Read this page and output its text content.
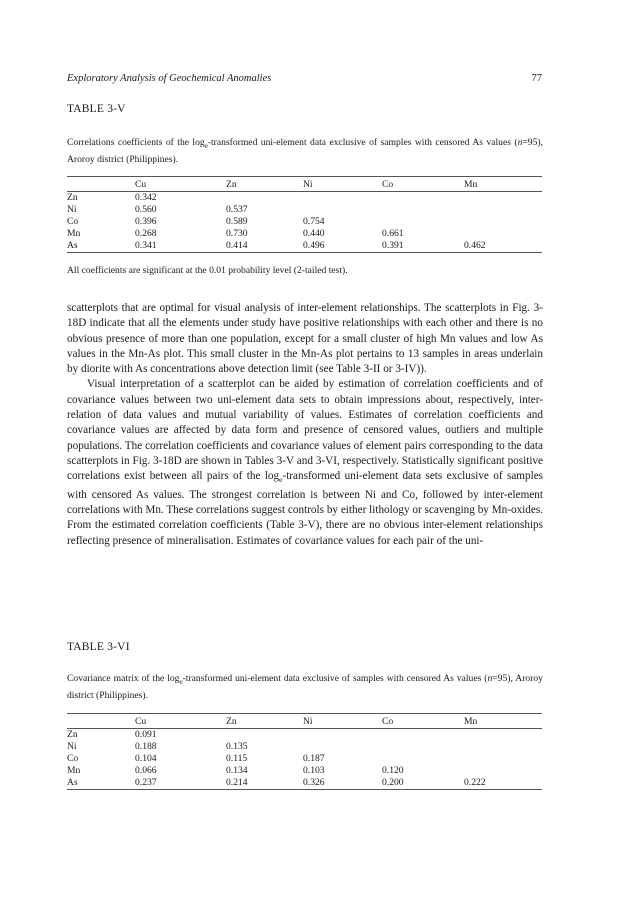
Exploratory Analysis of Geochemical Anomalies	77
TABLE 3-V
Correlations coefficients of the $\log_e$-transformed uni-element data exclusive of samples with censored As values (n=95), Aroroy district (Philippines).
	Cu	Zn	Ni	Co	Mn
Zn	0.342				
Ni	0.560	0.537			
Co	0.396	0.589	0.754		
Mn	0.268	0.730	0.440	0.661	
As	0.341	0.414	0.496	0.391	0.462
All coefficients are significant at the 0.01 probability level (2-tailed test).

scatterplots that are optimal for visual analysis of inter-element relationships. The scatterplots in Fig. 3-18D indicate that all the elements under study have positive relationships with each other and there is no obvious presence of more than one population, except for a small cluster of high Mn values and low As values in the Mn-As plot. This small cluster in the Mn-As plot pertains to 13 samples in areas underlain by diorite with As concentrations above detection limit (see Table 3-II or 3-IV)).

Visual interpretation of a scatterplot can be aided by estimation of correlation coefficients and of covariance values between two uni-element data sets to obtain impressions about, respectively, inter-relation of data values and mutual variability of values. Estimates of correlation coefficients and covariance values are affected by data form and presence of censored values, outliers and multiple populations. The correlation coefficients and covariance values of element pairs corresponding to the data scatterplots in Fig. 3-18D are shown in Tables 3-V and 3-VI, respectively. Statistically significant positive correlations exist between all pairs of the $\log_e$-transformed uni-element data sets exclusive of samples with censored As values. The strongest correlation is between Ni and Co, followed by inter-element correlations with Mn. These correlations suggest controls by either lithology or scavenging by Mn-oxides. From the estimated correlation coefficients (Table 3-V), there are no obvious inter-element relationships reflecting presence of mineralisation. Estimates of covariance values for each pair of the uni-

TABLE 3-VI
Covariance matrix of the $\log_e$-transformed uni-element data exclusive of samples with censored As values (n=95), Aroroy district (Philippines).
	Cu	Zn	Ni	Co	Mn
Zn	0.091				
Ni	0.188	0.135			
Co	0.104	0.115	0.187		
Mn	0.066	0.134	0.103	0.120	
As	0.237	0.214	0.326	0.200	0.222
